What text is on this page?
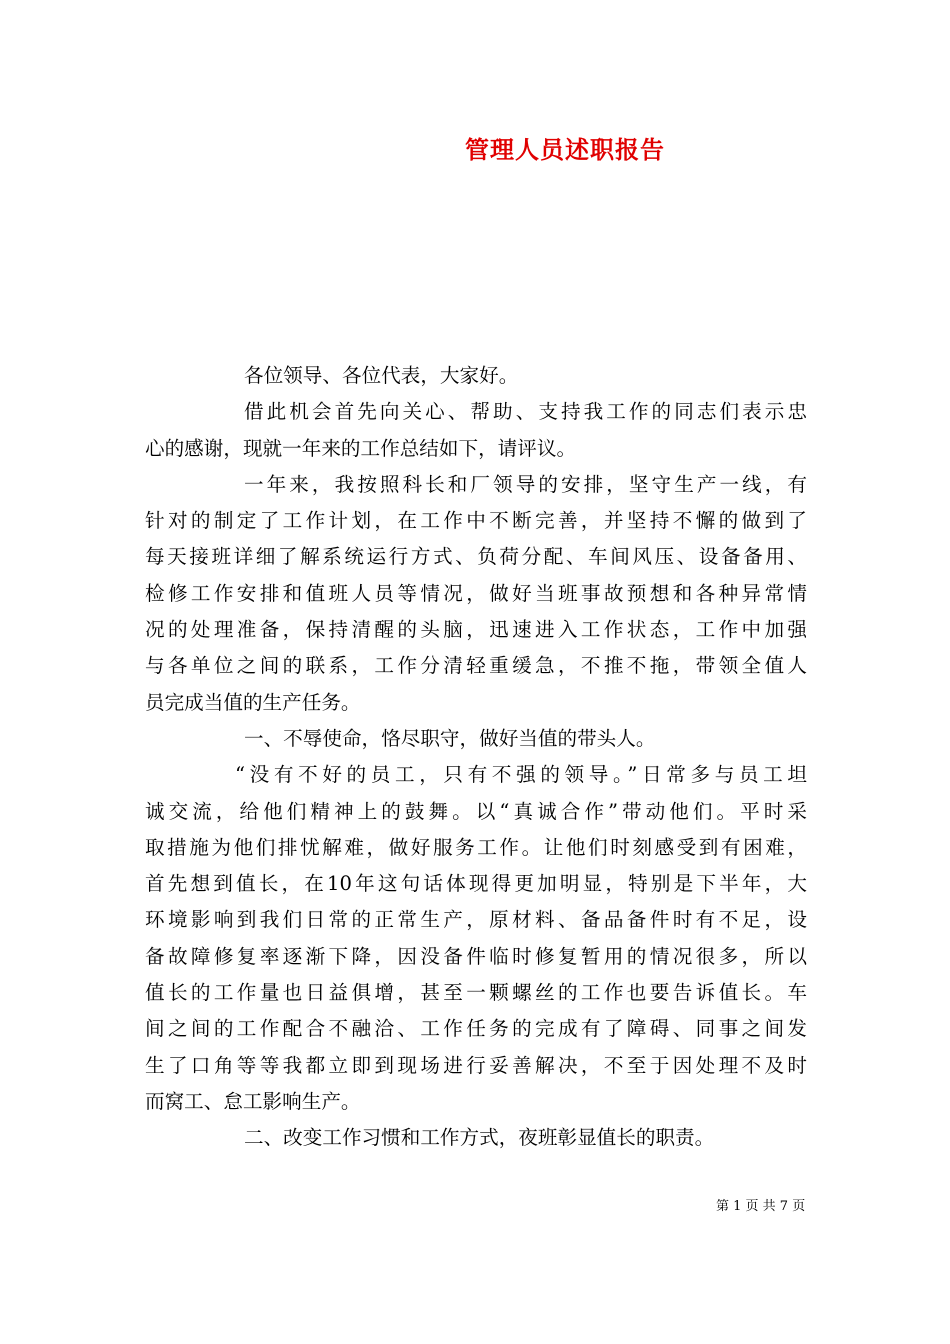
管理人员述职报告
各位领导、各位代表，大家好。
借此机会首先向关心、帮助、支持我工作的同志们表示忠
心的感谢，现就一年来的工作总结如下，请评议。
一年来，我按照科长和厂领导的安排，坚守生产一线，有
针对的制定了工作计划，在工作中不断完善，并坚持不懈的做到了
每天接班详细了解系统运行方式、负荷分配、车间风压、设备备用、
检修工作安排和值班人员等情况，做好当班事故预想和各种异常情
况的处理准备，保持清醒的头脑，迅速进入工作状态，工作中加强
与各单位之间的联系，工作分清轻重缓急，不推不拖，带领全值人
员完成当值的生产任务。
一、不辱使命，恪尽职守，做好当值的带头人。
“没有不好的员工，只有不强的领导。”日常多与员工坦
诚交流，给他们精神上的鼓舞。以“真诚合作”带动他们。平时采
取措施为他们排忧解难，做好服务工作。让他们时刻感受到有困难，
首先想到值长，在10年这句话体现得更加明显，特别是下半年，大
环境影响到我们日常的正常生产，原材料、备品备件时有不足，设
备故障修复率逐渐下降，因没备件临时修复暂用的情况很多，所以
值长的工作量也日益俱增，甚至一颗螺丝的工作也要告诉值长。车
间之间的工作配合不融洽、工作任务的完成有了障碍、同事之间发
生了口角等等我都立即到现场进行妥善解决，不至于因处理不及时
而窝工、怠工影响生产。
二、改变工作习惯和工作方式，夜班彰显值长的职责。
第 1 页 共 7 页
